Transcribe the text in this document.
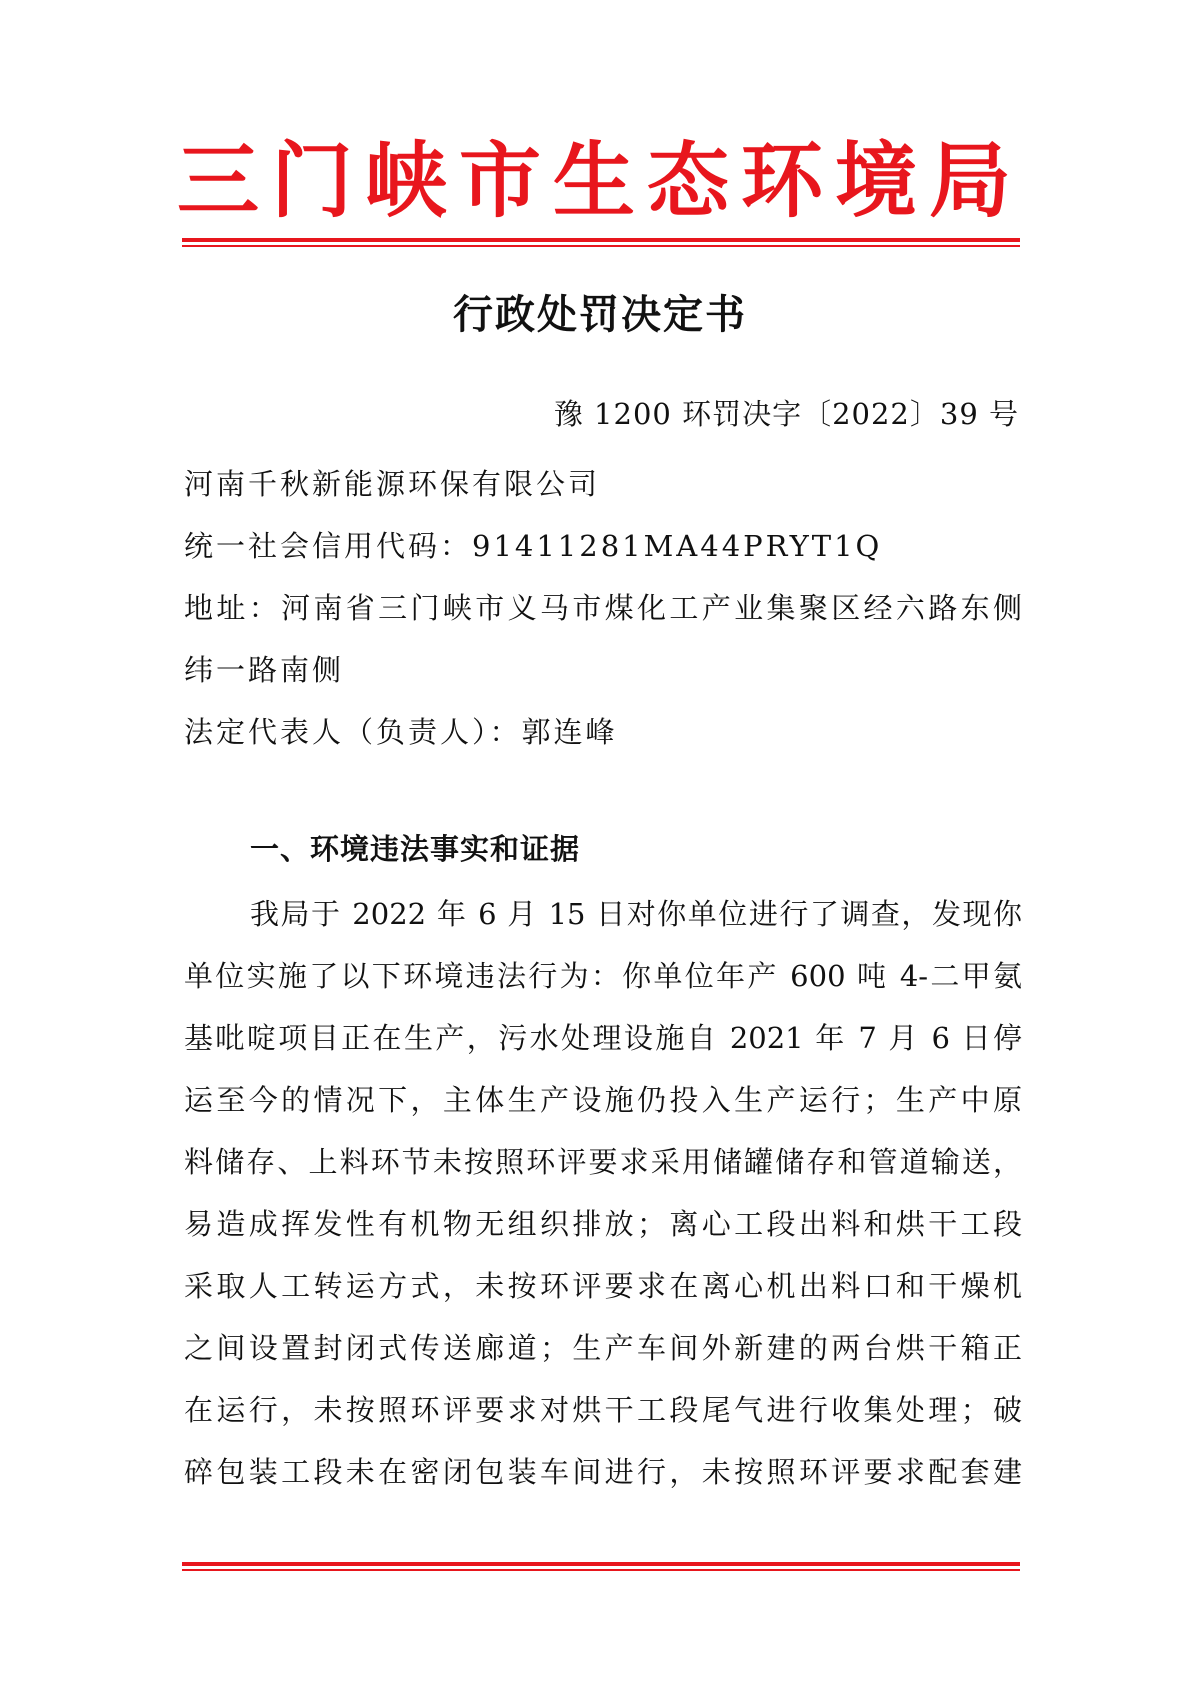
三门峡市生态环境局
行政处罚决定书
豫 1200 环罚决字〔2022〕39 号
河南千秋新能源环保有限公司
统一社会信用代码：91411281MA44PRYT1Q
地址：河南省三门峡市义马市煤化工产业集聚区经六路东侧
纬一路南侧
法定代表人（负责人）：郭连峰
一、环境违法事实和证据
我局于 2022 年 6 月 15 日对你单位进行了调查，发现你
单位实施了以下环境违法行为：你单位年产 600 吨 4-二甲氨
基吡啶项目正在生产，污水处理设施自 2021 年 7 月 6 日停
运至今的情况下，主体生产设施仍投入生产运行；生产中原
料储存、上料环节未按照环评要求采用储罐储存和管道输送，
易造成挥发性有机物无组织排放；离心工段出料和烘干工段
采取人工转运方式，未按环评要求在离心机出料口和干燥机
之间设置封闭式传送廊道；生产车间外新建的两台烘干箱正
在运行，未按照环评要求对烘干工段尾气进行收集处理；破
碎包装工段未在密闭包装车间进行，未按照环评要求配套建
